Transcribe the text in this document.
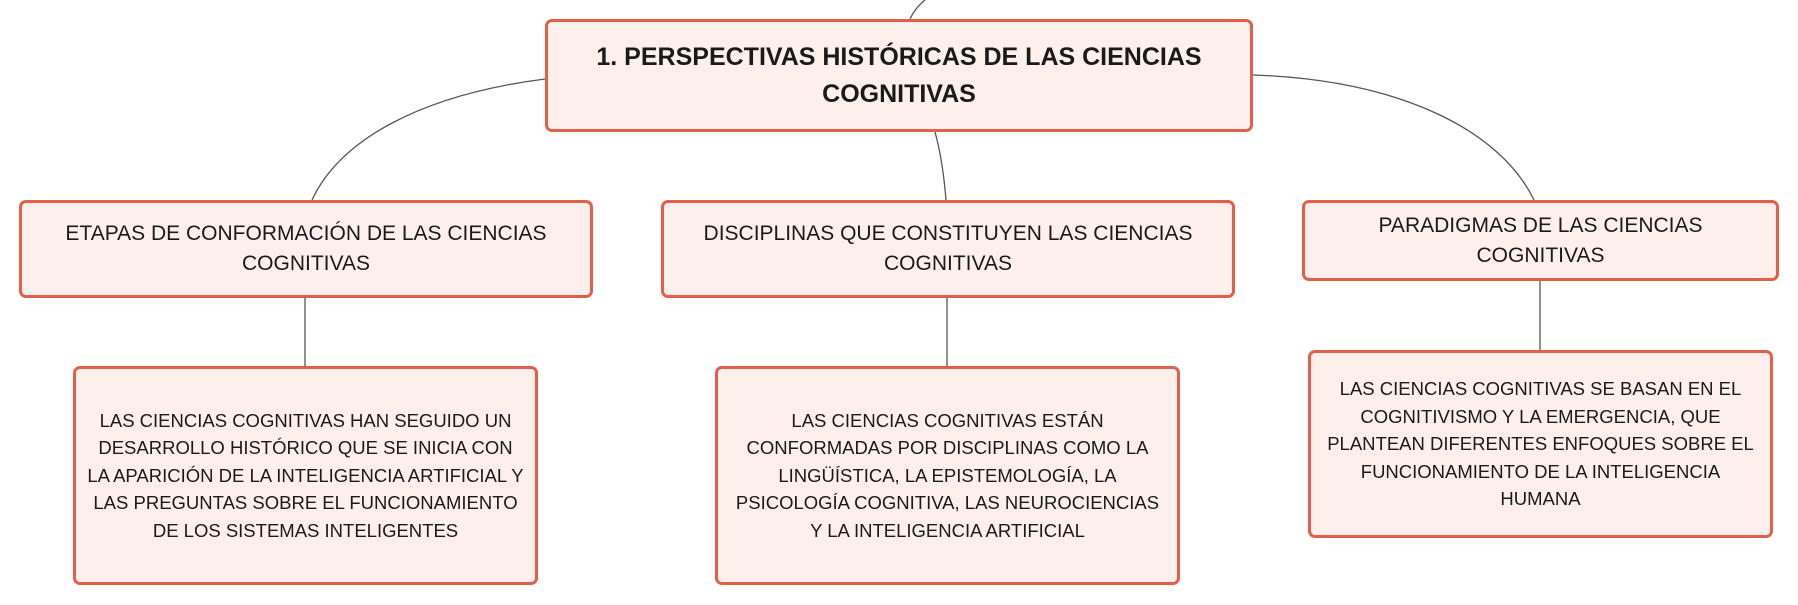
1. PERSPECTIVAS HISTÓRICAS DE LAS CIENCIAS COGNITIVAS
ETAPAS DE CONFORMACIÓN DE LAS CIENCIAS COGNITIVAS
DISCIPLINAS QUE CONSTITUYEN LAS CIENCIAS COGNITIVAS
PARADIGMAS DE LAS CIENCIAS COGNITIVAS
LAS CIENCIAS COGNITIVAS HAN SEGUIDO UN DESARROLLO HISTÓRICO QUE SE INICIA CON LA APARICIÓN DE LA INTELIGENCIA ARTIFICIAL Y LAS PREGUNTAS SOBRE EL FUNCIONAMIENTO DE LOS SISTEMAS INTELIGENTES
LAS CIENCIAS COGNITIVAS ESTÁN CONFORMADAS POR DISCIPLINAS COMO LA LINGÜÍSTICA, LA EPISTEMOLOGÍA, LA PSICOLOGÍA COGNITIVA, LAS NEUROCIENCIAS Y LA INTELIGENCIA ARTIFICIAL
LAS CIENCIAS COGNITIVAS SE BASAN EN EL COGNITIVISMO Y LA EMERGENCIA, QUE PLANTEAN DIFERENTES ENFOQUES SOBRE EL FUNCIONAMIENTO DE LA INTELIGENCIA HUMANA
